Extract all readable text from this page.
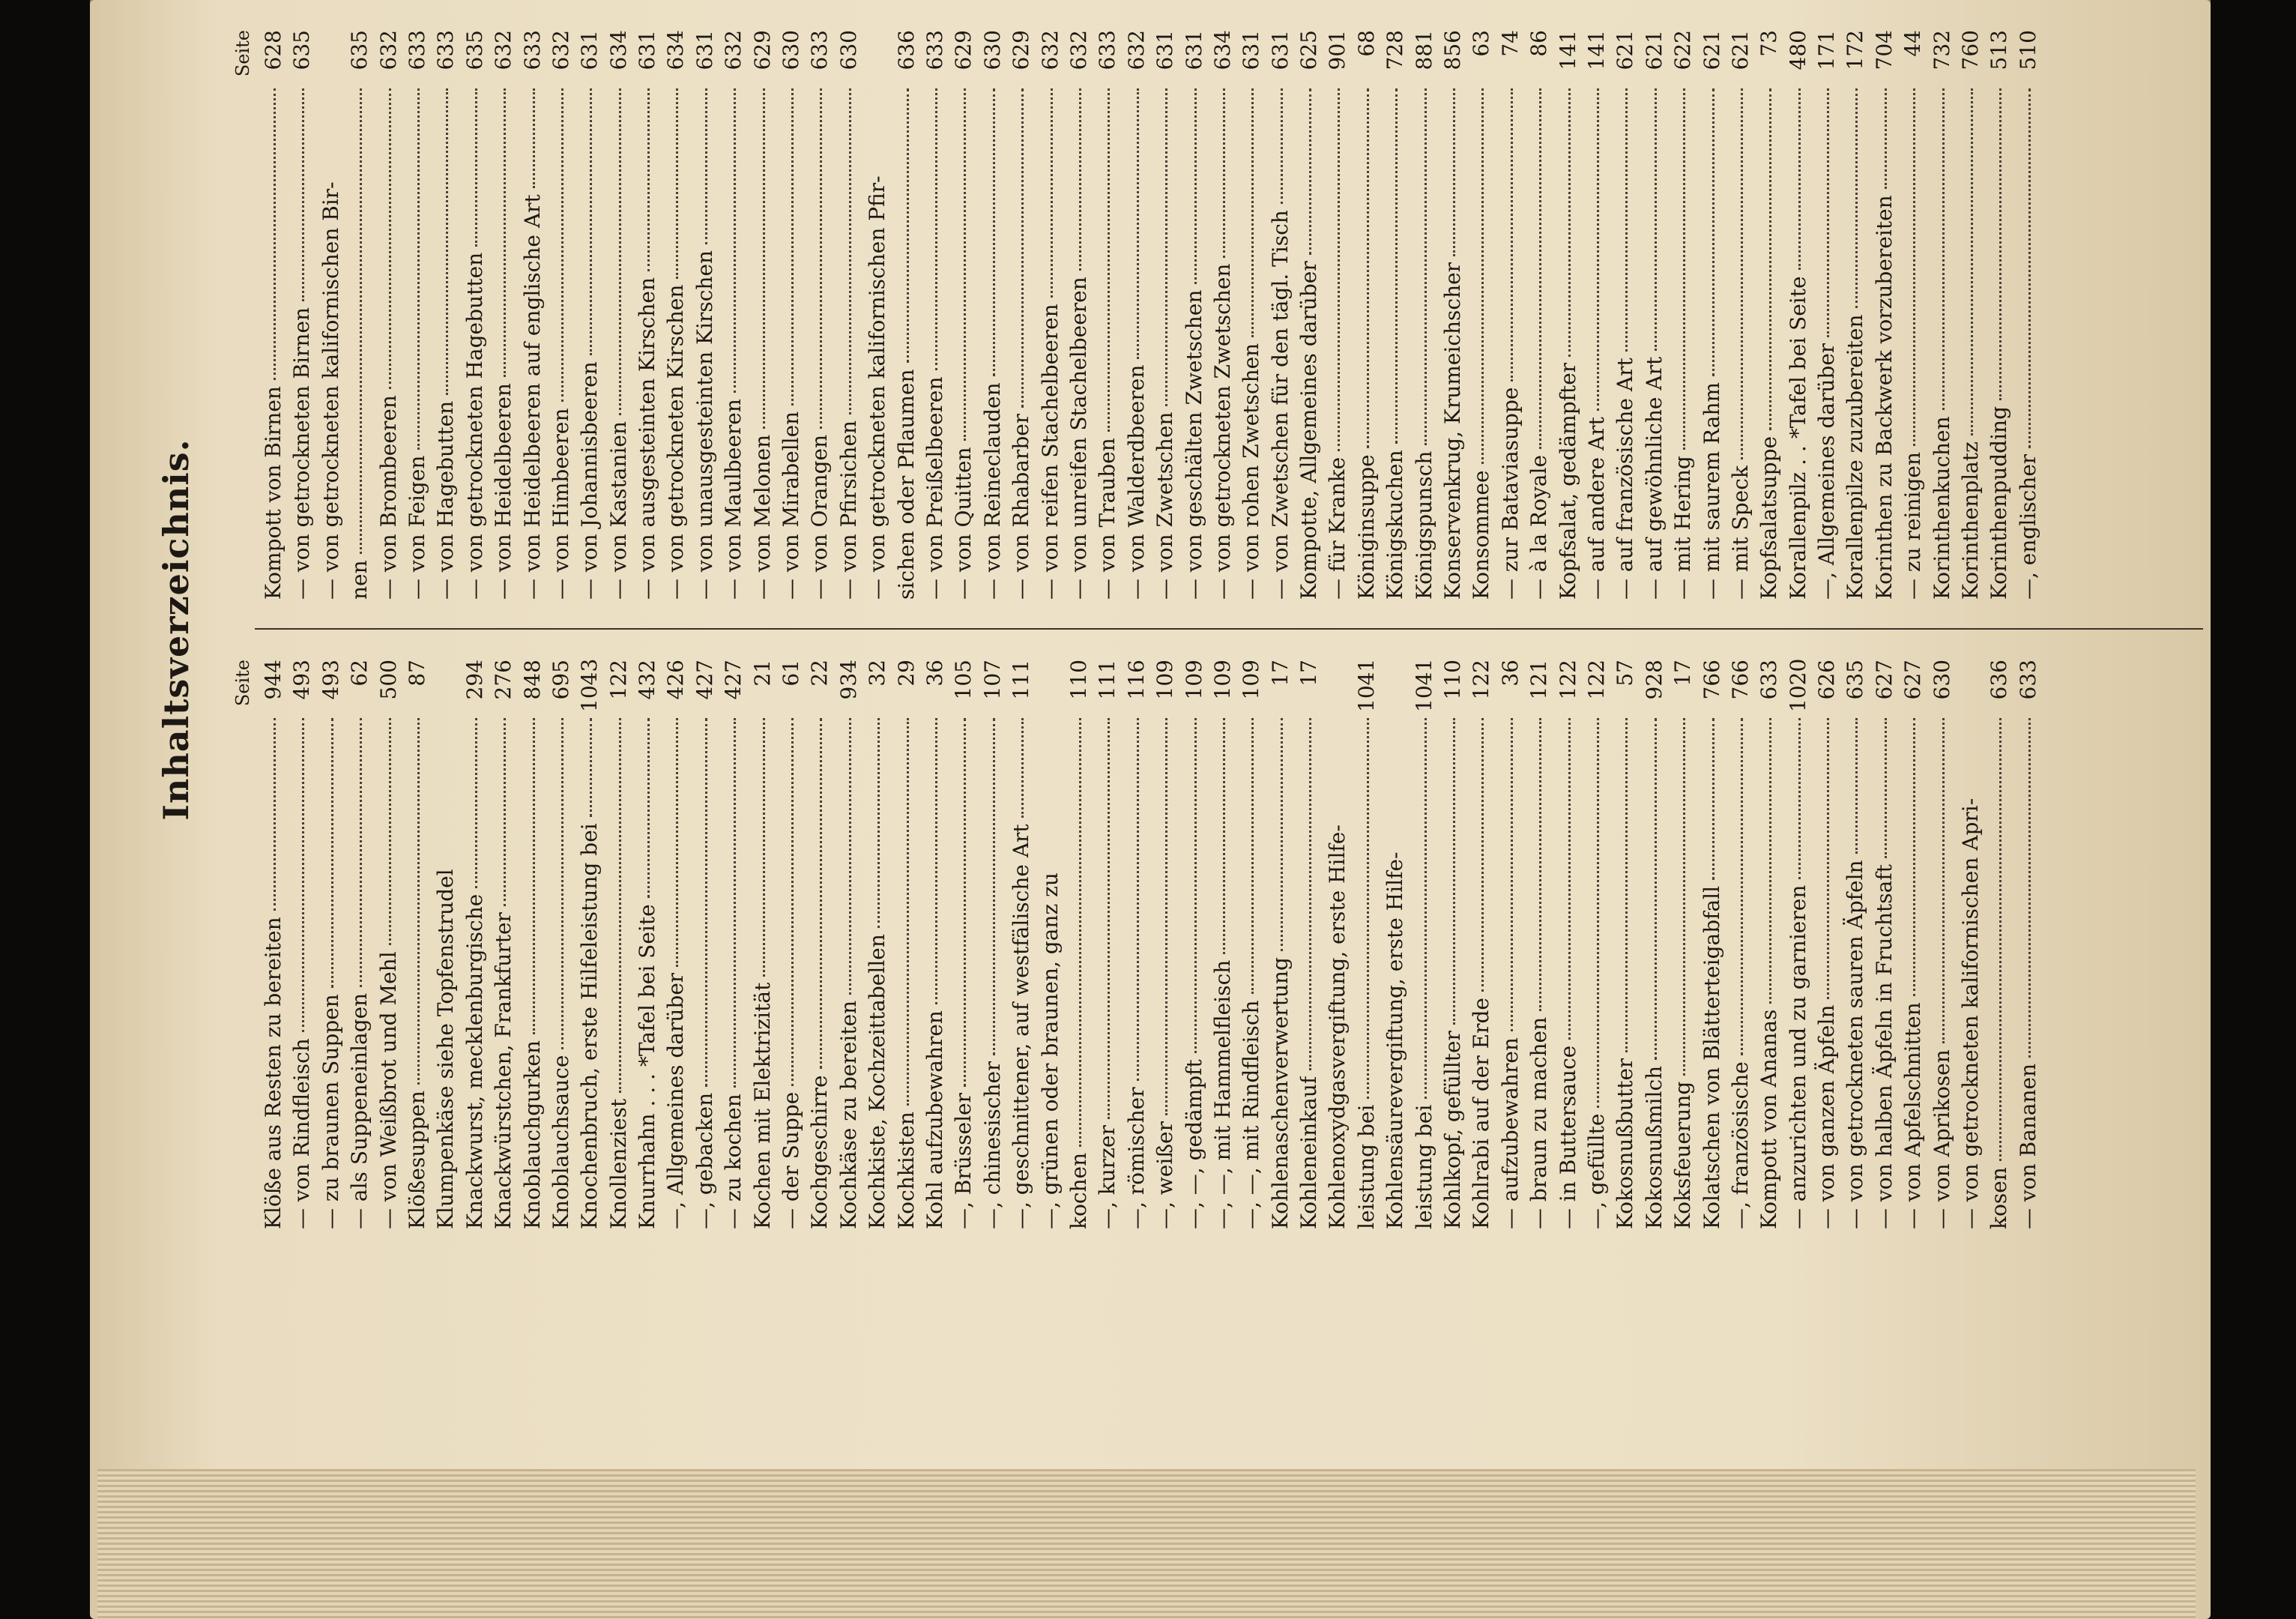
Inhaltsverzeichnis. Seite
Klöße aus Resten zu bereiten
944
— von Rindfleisch
493
— zu braunen Suppen
493
— als Suppeneinlagen
62
— von Weißbrot und Mehl
500
Klößesuppen
87
Klumpenkäse siehe Topfenstrudel Knackwurst, mecklenburgische
294
Knackwürstchen, Frankfurter
276
Knoblauchgurken
848
Knoblauchsauce
695
Knochenbruch, erste Hilfeleistung bei
1043
Knollenziest
122
Knurrhahn . . . *Tafel bei Seite
432
—, Allgemeines darüber
426
—, gebacken
427
— zu kochen
427
Kochen mit Elektrizität
21
— der Suppe
61
Kochgeschirre
22
Kochkäse zu bereiten
934
Kochkiste, Kochzeittabellen
32
Kochkisten
29
Kohl aufzubewahren
36
—, Brüsseler
105
—, chinesischer
107
—, geschnittener, auf westfälische Art
111
—, grünen oder braunen, ganz zu kochen
110
—, kurzer
111
—, römischer
116
—, weißer
109
—, —, gedämpft
109
—, —, mit Hammelfleisch
109
—, —, mit Rindfleisch
109
Kohlenaschenverwertung
17
Kohleneinkauf
17
Kohlenoxydgasvergiftung, erste Hilfe- leistung bei
1041
Kohlensäurevergiftung, erste Hilfe- leistung bei
1041
Kohlkopf, gefüllter
110
Kohlrabi auf der Erde
122
— aufzubewahren
36
— braun zu machen
121
— in Buttersauce
122
—, gefüllte
122
Kokosnußbutter
57
Kokosnußmilch
928
Koksfeuerung
17
Kolatschen von Blätterteigabfall
766
—, französische
766
Kompott von Ananas
633
— anzurichten und zu garnieren
1020
— von ganzen Äpfeln
626
— von getrockneten sauren Äpfeln
635
— von halben Äpfeln in Fruchtsaft
627
— von Apfelschnitten
627
— von Aprikosen
630
— von getrockneten kalifornischen Apri- kosen
636
— von Bananen
633
Seite
Kompott von Birnen
628
— von getrockneten Birnen
635
— von getrockneten kalifornischen Bir- nen
635
— von Brombeeren
632
— von Feigen
633
— von Hagebutten
633
— von getrockneten Hagebutten
635
— von Heidelbeeren
632
— von Heidelbeeren auf englische Art
633
— von Himbeeren
632
— von Johannisbeeren
631
— von Kastanien
634
— von ausgesteinten Kirschen
631
— von getrockneten Kirschen
634
— von unausgesteinten Kirschen
631
— von Maulbeeren
632
— von Melonen
629
— von Mirabellen
630
— von Orangen
633
— von Pfirsichen
630
— von getrockneten kalifornischen Pfir- sichen oder Pflaumen
636
— von Preißelbeeren
633
— von Quitten
629
— von Reineclauden
630
— von Rhabarber
629
— von reifen Stachelbeeren
632
— von unreifen Stachelbeeren
632
— von Trauben
633
— von Walderdbeeren
632
— von Zwetschen
631
— von geschälten Zwetschen
631
— von getrockneten Zwetschen
634
— von rohen Zwetschen
631
— von Zwetschen für den tägl. Tisch
631
Kompotte, Allgemeines darüber
625
— für Kranke
901
Königinsuppe
68
Königskuchen
728
Königspunsch
881
Konservenkrug, Krumeichscher
856
Konsommee
63
— zur Bataviasuppe
74
— à la Royale
86
Kopfsalat, gedämpfter
141
— auf andere Art
141
— auf französische Art
621
— auf gewöhnliche Art
621
— mit Hering
622
— mit saurem Rahm
621
— mit Speck
621
Kopfsalatsuppe
73
Korallenpilz . . *Tafel bei Seite
480
—, Allgemeines darüber
171
Korallenpilze zuzubereiten
172
Korinthen zu Backwerk vorzubereiten
704
— zu reinigen
44
Korinthenkuchen
732
Korinthenplatz
760
Korinthenpudding
513
—, englischer
510
